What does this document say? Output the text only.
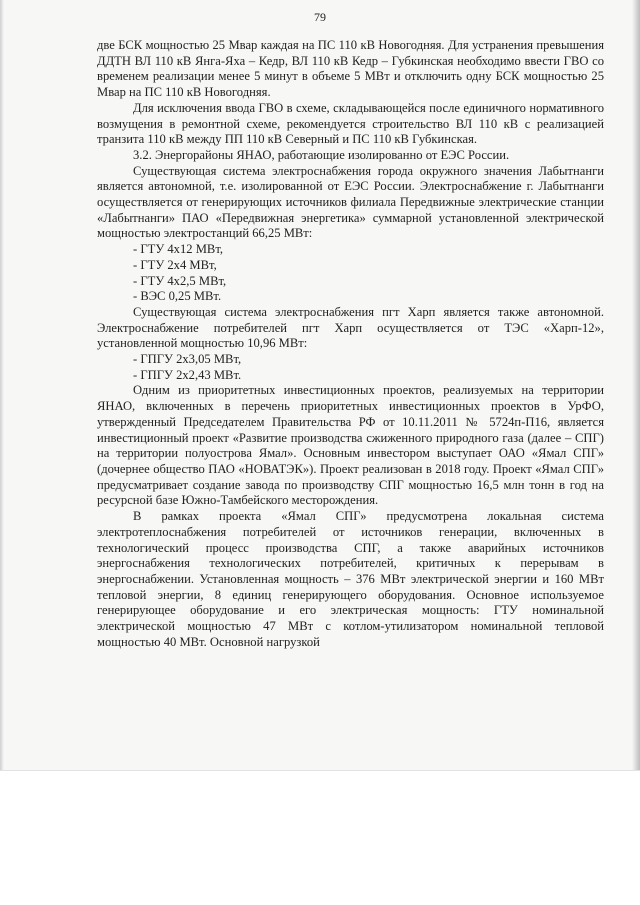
79

две БСК мощностью 25 Мвар каждая на ПС 110 кВ Новогодняя. Для устранения превышения ДДТН ВЛ 110 кВ Янга-Яха – Кедр, ВЛ 110 кВ Кедр – Губкинская необходимо ввести ГВО со временем реализации менее 5 минут в объеме 5 МВт и отключить одну БСК мощностью 25 Мвар на ПС 110 кВ Новогодняя.

Для исключения ввода ГВО в схеме, складывающейся после единичного нормативного возмущения в ремонтной схеме, рекомендуется строительство ВЛ 110 кВ с реализацией транзита 110 кВ между ПП 110 кВ Северный и ПС 110 кВ Губкинская.

3.2. Энергорайоны ЯНАО, работающие изолированно от ЕЭС России.

Существующая система электроснабжения города окружного значения Лабытнанги является автономной, т.е. изолированной от ЕЭС России. Электроснабжение г. Лабытнанги осуществляется от генерирующих источников филиала Передвижные электрические станции «Лабытнанги» ПАО «Передвижная энергетика» суммарной установленной электрической мощностью электростанций 66,25 МВт:

- ГТУ 4х12 МВт,

- ГТУ 2х4 МВт,

- ГТУ 4х2,5 МВт,

- ВЭС 0,25 МВт.

Существующая система электроснабжения пгт Харп является также автономной. Электроснабжение потребителей пгт Харп осуществляется от ТЭС «Харп-12», установленной мощностью 10,96 МВт:

- ГПГУ 2х3,05 МВт,

- ГПГУ 2х2,43 МВт.

Одним из приоритетных инвестиционных проектов, реализуемых на территории ЯНАО, включенных в перечень приоритетных инвестиционных проектов в УрФО, утвержденный Председателем Правительства РФ от 10.11.2011 № 5724п-П16, является инвестиционный проект «Развитие производства сжиженного природного газа (далее – СПГ) на территории полуострова Ямал». Основным инвестором выступает ОАО «Ямал СПГ» (дочернее общество ПАО «НОВАТЭК»). Проект реализован в 2018 году. Проект «Ямал СПГ» предусматривает создание завода по производству СПГ мощностью 16,5 млн тонн в год на ресурсной базе Южно-Тамбейского месторождения.

В рамках проекта «Ямал СПГ» предусмотрена локальная система электротеплоснабжения потребителей от источников генерации, включенных в технологический процесс производства СПГ, а также аварийных источников энергоснабжения технологических потребителей, критичных к перерывам в энергоснабжении. Установленная мощность – 376 МВт электрической энергии и 160 МВт тепловой энергии, 8 единиц генерирующего оборудования. Основное используемое генерирующее оборудование и его электрическая мощность: ГТУ номинальной электрической мощностью 47 МВт с котлом-утилизатором номинальной тепловой мощностью 40 МВт. Основной нагрузкой
